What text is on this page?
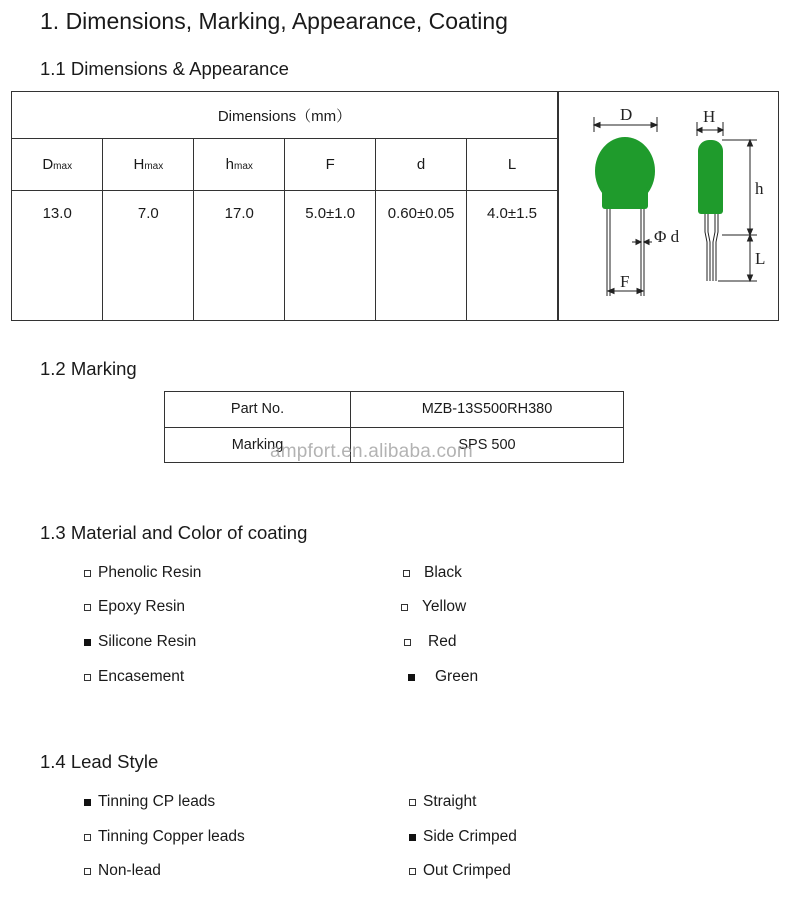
1. Dimensions, Marking, Appearance, Coating
1.1 Dimensions & Appearance
Dimensions（mm）					
Dmax	Hmax	hmax	F	d	L
13.0	7.0	17.0	5.0±1.0	0.60±0.05	4.0±1.5
D	H
h
L
F
Φ d
1.2 Marking
Part No.	MZB-13S500RH380
Marking	SPS 500
ampfort.en.alibaba.com
1.3 Material and Color of coating
Phenolic Resin
Epoxy Resin
Silicone Resin
Encasement
Black
Yellow
Red
Green
1.4 Lead Style
Tinning CP leads
Tinning Copper leads
Non-lead
Straight
Side Crimped
Out Crimped
